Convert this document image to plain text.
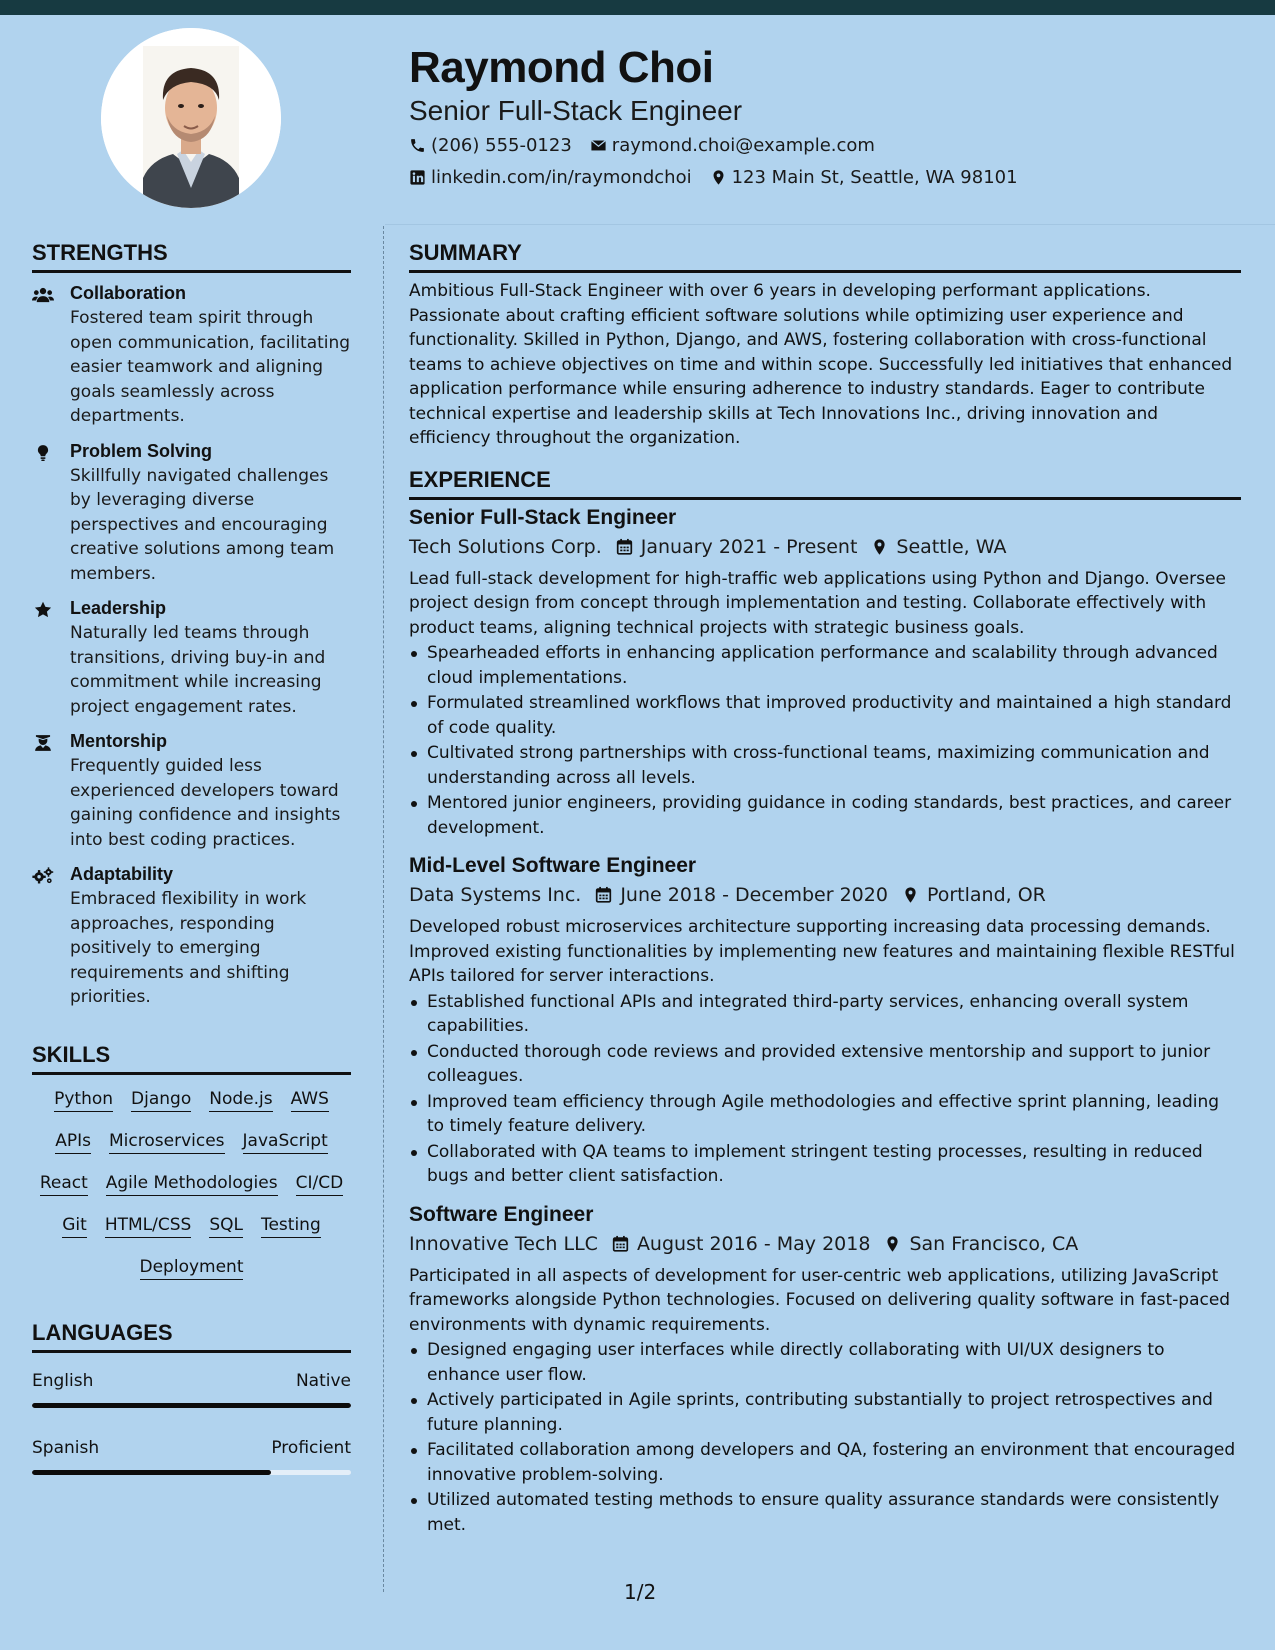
Raymond Choi
Senior Full-Stack Engineer
(206) 555-0123 raymond.choi@example.com
linkedin.com/in/raymondchoi 123 Main St, Seattle, WA 98101
STRENGTHS
Collaboration
Fostered team spirit through open communication, facilitating easier teamwork and aligning goals seamlessly across departments.
Problem Solving
Skillfully navigated challenges by leveraging diverse perspectives and encouraging creative solutions among team members.
Leadership
Naturally led teams through transitions, driving buy-in and commitment while increasing project engagement rates.
Mentorship
Frequently guided less experienced developers toward gaining confidence and insights into best coding practices.
Adaptability
Embraced flexibility in work approaches, responding positively to emerging requirements and shifting priorities.
SKILLS
Python Django Node.js AWS
APIs Microservices JavaScript
React Agile Methodologies CI/CD
Git HTML/CSS SQL Testing
Deployment
LANGUAGES
English	Native
Spanish	Proficient
SUMMARY
Ambitious Full-Stack Engineer with over 6 years in developing performant applications. Passionate about crafting efficient software solutions while optimizing user experience and functionality. Skilled in Python, Django, and AWS, fostering collaboration with cross-functional teams to achieve objectives on time and within scope. Successfully led initiatives that enhanced application performance while ensuring adherence to industry standards. Eager to contribute technical expertise and leadership skills at Tech Innovations Inc., driving innovation and efficiency throughout the organization.
EXPERIENCE
Senior Full-Stack Engineer
Tech Solutions Corp. January 2021 - Present Seattle, WA
Lead full-stack development for high-traffic web applications using Python and Django. Oversee project design from concept through implementation and testing. Collaborate effectively with product teams, aligning technical projects with strategic business goals.
Spearheaded efforts in enhancing application performance and scalability through advanced cloud implementations.
Formulated streamlined workflows that improved productivity and maintained a high standard of code quality.
Cultivated strong partnerships with cross-functional teams, maximizing communication and understanding across all levels.
Mentored junior engineers, providing guidance in coding standards, best practices, and career development.
Mid-Level Software Engineer
Data Systems Inc. June 2018 - December 2020 Portland, OR
Developed robust microservices architecture supporting increasing data processing demands. Improved existing functionalities by implementing new features and maintaining flexible RESTful APIs tailored for server interactions.
Established functional APIs and integrated third-party services, enhancing overall system capabilities.
Conducted thorough code reviews and provided extensive mentorship and support to junior colleagues.
Improved team efficiency through Agile methodologies and effective sprint planning, leading to timely feature delivery.
Collaborated with QA teams to implement stringent testing processes, resulting in reduced bugs and better client satisfaction.
Software Engineer
Innovative Tech LLC August 2016 - May 2018 San Francisco, CA
Participated in all aspects of development for user-centric web applications, utilizing JavaScript frameworks alongside Python technologies. Focused on delivering quality software in fast-paced environments with dynamic requirements.
Designed engaging user interfaces while directly collaborating with UI/UX designers to enhance user flow.
Actively participated in Agile sprints, contributing substantially to project retrospectives and future planning.
Facilitated collaboration among developers and QA, fostering an environment that encouraged innovative problem-solving.
Utilized automated testing methods to ensure quality assurance standards were consistently met.
1/2
